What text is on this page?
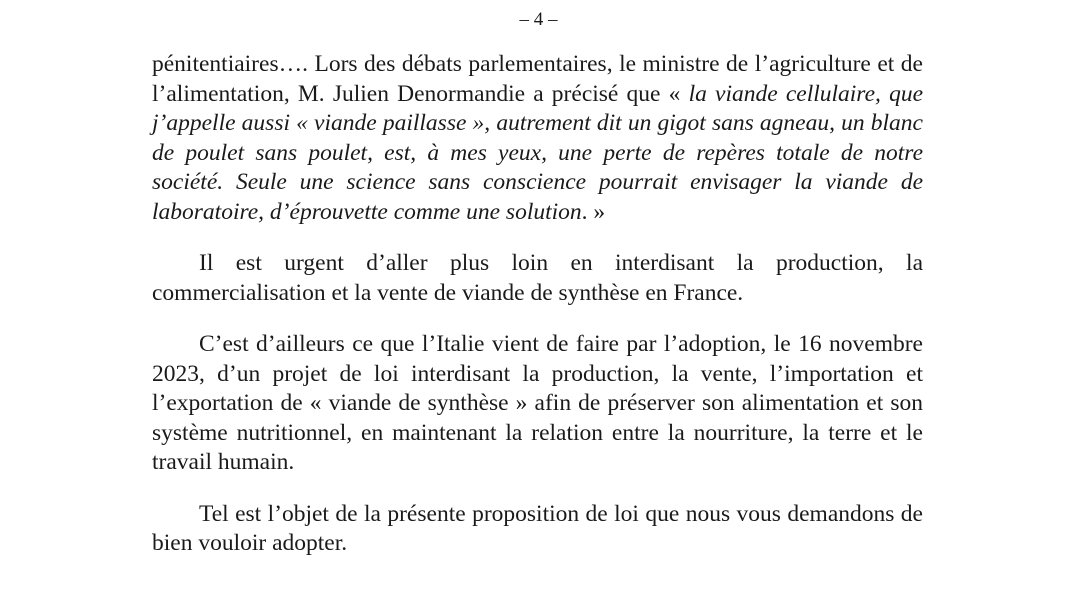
– 4 –

pénitentiaires…. Lors des débats parlementaires, le ministre de l’agriculture et de l’alimentation, M. Julien Denormandie a précisé que « la viande cellulaire, que j’appelle aussi « viande paillasse », autrement dit un gigot sans agneau, un blanc de poulet sans poulet, est, à mes yeux, une perte de repères totale de notre société. Seule une science sans conscience pourrait envisager la viande de laboratoire, d’éprouvette comme une solution. »

Il est urgent d’aller plus loin en interdisant la production, la commercialisation et la vente de viande de synthèse en France.

C’est d’ailleurs ce que l’Italie vient de faire par l’adoption, le 16 novembre 2023, d’un projet de loi interdisant la production, la vente, l’importation et l’exportation de « viande de synthèse » afin de préserver son alimentation et son système nutritionnel, en maintenant la relation entre la nourriture, la terre et le travail humain.

Tel est l’objet de la présente proposition de loi que nous vous demandons de bien vouloir adopter.
